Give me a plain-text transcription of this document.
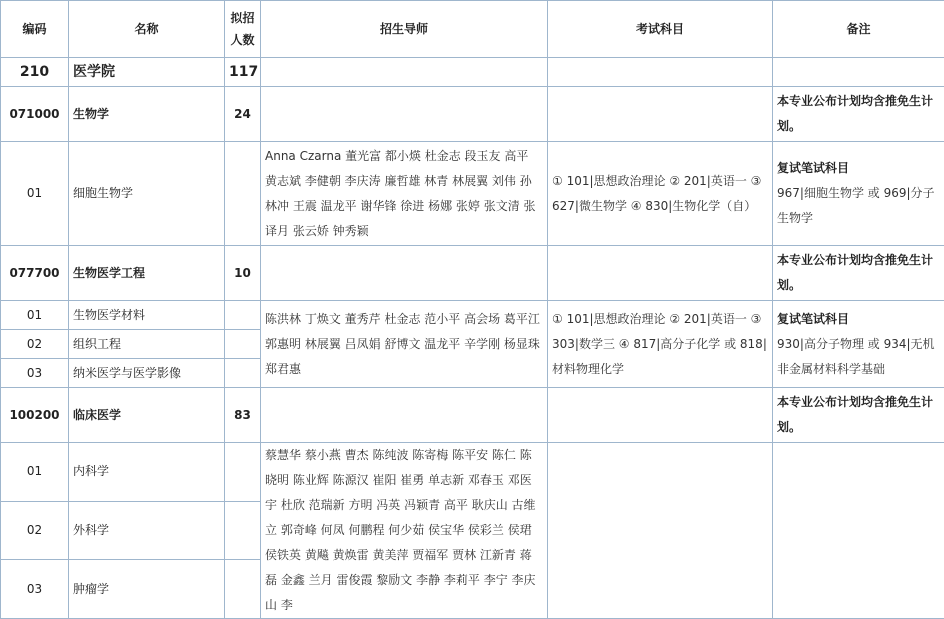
编码	名称	拟招人数	招生导师	考试科目	备注
210	医学院	117			
071000	生物学	24			本专业公布计划均含推免生计划。
01	细胞生物学		Anna Czarna 董光富 都小煐 杜金志 段玉友 高平 黄志斌 李健朝 李庆涛 廉哲雄 林青 林展翼 刘伟 孙林冲 王震 温龙平 谢华锋 徐进 杨娜 张婷 张文清 张译月 张云娇 钟秀颖	① 101|思想政治理论 ② 201|英语一 ③ 627|微生物学 ④ 830|生物化学（自）	复试笔试科目
967|细胞生物学 或 969|分子生物学

077700	生物医学工程	10			本专业公布计划均含推免生计划。
01	生物医学材料		陈洪林 丁焕文 董秀芹 杜金志 范小平 高会场 葛平江 郭惠明 林展翼 吕凤娟 舒博文 温龙平 辛学刚 杨显珠 郑君惠	① 101|思想政治理论 ② 201|英语一 ③ 303|数学三 ④ 817|高分子化学 或 818|材料物理化学	复试笔试科目
930|高分子物理 或 934|无机非金属材料科学基础

02	组织工程				
03	纳米医学与医学影像				
100200	临床医学	83			本专业公布计划均含推免生计划。
01	内科学		蔡慧华 蔡小燕 曹杰 陈纯波 陈寄梅 陈平安 陈仁 陈晓明 陈业辉 陈源汉 崔阳 崔勇 单志新 邓春玉 邓医宇 杜欣 范瑞新 方明 冯英 冯颖青 高平 耿庆山 古维立 郭奇峰 何凤 何鹏程 何少茹 侯宝华 侯彩兰 侯珺 侯铁英 黄飚 黄焕雷 黄美萍 贾福军 贾林 江新青 蒋磊 金鑫 兰月 雷俊霞 黎励文 李静 李莉平 李宁 李庆山 李		
02	外科学				
03	肿瘤学				
